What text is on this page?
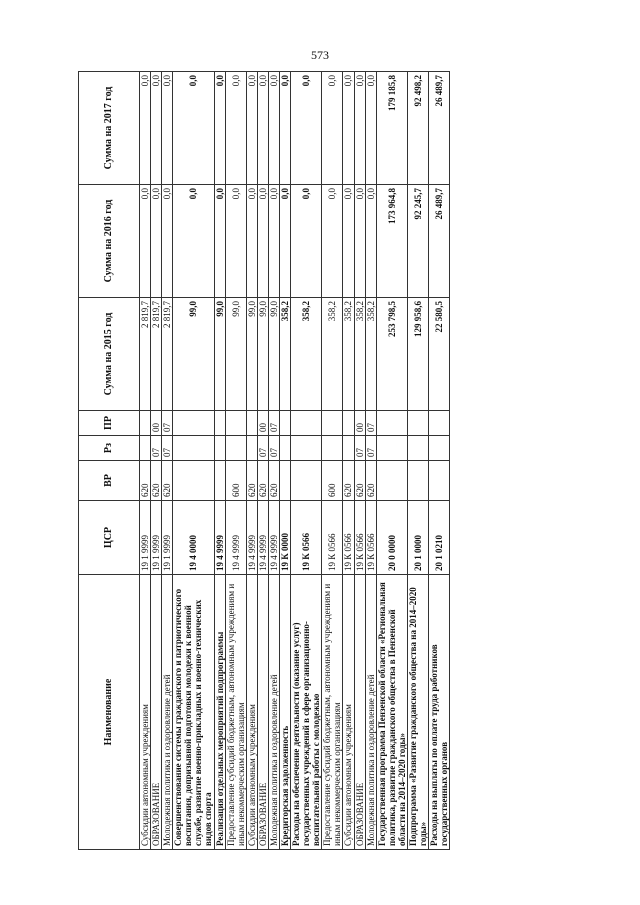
573
Наименование	ЦСР	ВР	Рз	ПР	Сумма на 2015 год	Сумма на 2016 год	Сумма на 2017 год
Субсидии автономным учреждениям	19 1 9999	620			2 819,7	0,0	0,0
ОБРАЗОВАНИЕ	19 1 9999	620	07	00	2 819,7	0,0	0,0
Молодежная политика и оздоровление детей	19 1 9999	620	07	07	2 819,7	0,0	0,0
Совершенствование системы гражданского и патриотического воспитания, допризывной подготовки молодежи к военной службе, развитие военно-прикладных и военно-технических видов спорта	19 4 0000				99,0	0,0	0,0
Реализация отдельных мероприятий подпрограммы	19 4 9999				99,0	0,0	0,0
Предоставление субсидий бюджетным, автономным учреждениям и иным некоммерческим организациям	19 4 9999	600			99,0	0,0	0,0
Субсидии автономным учреждениям	19 4 9999	620			99,0	0,0	0,0
ОБРАЗОВАНИЕ	19 4 9999	620	07	00	99,0	0,0	0,0
Молодежная политика и оздоровление детей	19 4 9999	620	07	07	99,0	0,0	0,0
Кредиторская задолженность	19 К 0000				358,2	0,0	0,0
Расходы на обеспечение деятельности (оказание услуг) государственных учреждений в сфере организационно-воспитательной работы с молодежью	19 К 0566				358,2	0,0	0,0
Предоставление субсидий бюджетным, автономным учреждениям и иным некоммерческим организациям	19 К 0566	600			358,2	0,0	0,0
Субсидии автономным учреждениям	19 К 0566	620			358,2	0,0	0,0
ОБРАЗОВАНИЕ	19 К 0566	620	07	00	358,2	0,0	0,0
Молодежная политика и оздоровление детей	19 К 0566	620	07	07	358,2	0,0	0,0
Государственная программа Пензенской области «Региональная политика, развитие гражданского общества в Пензенской области на 2014–2020 годы»	20 0 0000				253 798,5	173 964,8	179 185,8
Подпрограмма «Развитие гражданского общества на 2014–2020 годы»	20 1 0000				129 958,6	92 245,7	92 498,2
Расходы на выплаты по оплате труда работников государственных органов	20 1 0210				22 580,5	26 489,7	26 489,7
